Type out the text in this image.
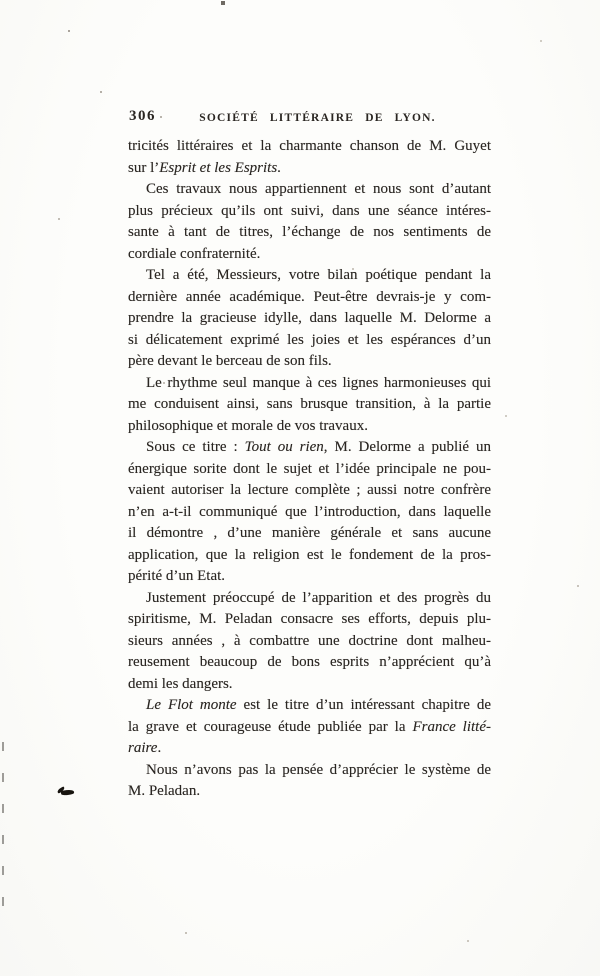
306	SOCIÉTÉ LITTÉRAIRE DE LYON.
tricités littéraires et la charmante chanson de M. Guyet
sur l’Esprit et les Esprits.
Ces travaux nous appartiennent et nous sont d’autant
plus précieux qu’ils ont suivi, dans une séance intéres-
sante à tant de titres, l’échange de nos sentiments de
cordiale confraternité.
Tel a été, Messieurs, votre bilan poétique pendant la
dernière année académique. Peut-être devrais-je y com-
prendre la gracieuse idylle, dans laquelle M. Delorme a
si délicatement exprimé les joies et les espérances d’un
père devant le berceau de son fils.
Le rhythme seul manque à ces lignes harmonieuses qui
me conduisent ainsi, sans brusque transition, à la partie
philosophique et morale de vos travaux.
Sous ce titre : Tout ou rien, M. Delorme a publié un
énergique sorite dont le sujet et l’idée principale ne pou-
vaient autoriser la lecture complète ; aussi notre confrère
n’en a-t-il communiqué que l’introduction, dans laquelle
il démontre , d’une manière générale et sans aucune
application, que la religion est le fondement de la pros-
périté d’un Etat.
Justement préoccupé de l’apparition et des progrès du
spiritisme, M. Peladan consacre ses efforts, depuis plu-
sieurs années , à combattre une doctrine dont malheu-
reusement beaucoup de bons esprits n’apprécient qu’à
demi les dangers.
Le Flot monte est le titre d’un intéressant chapitre de
la grave et courageuse étude publiée par la France litté-
raire.
Nous n’avons pas la pensée d’apprécier le système de
M. Peladan.
